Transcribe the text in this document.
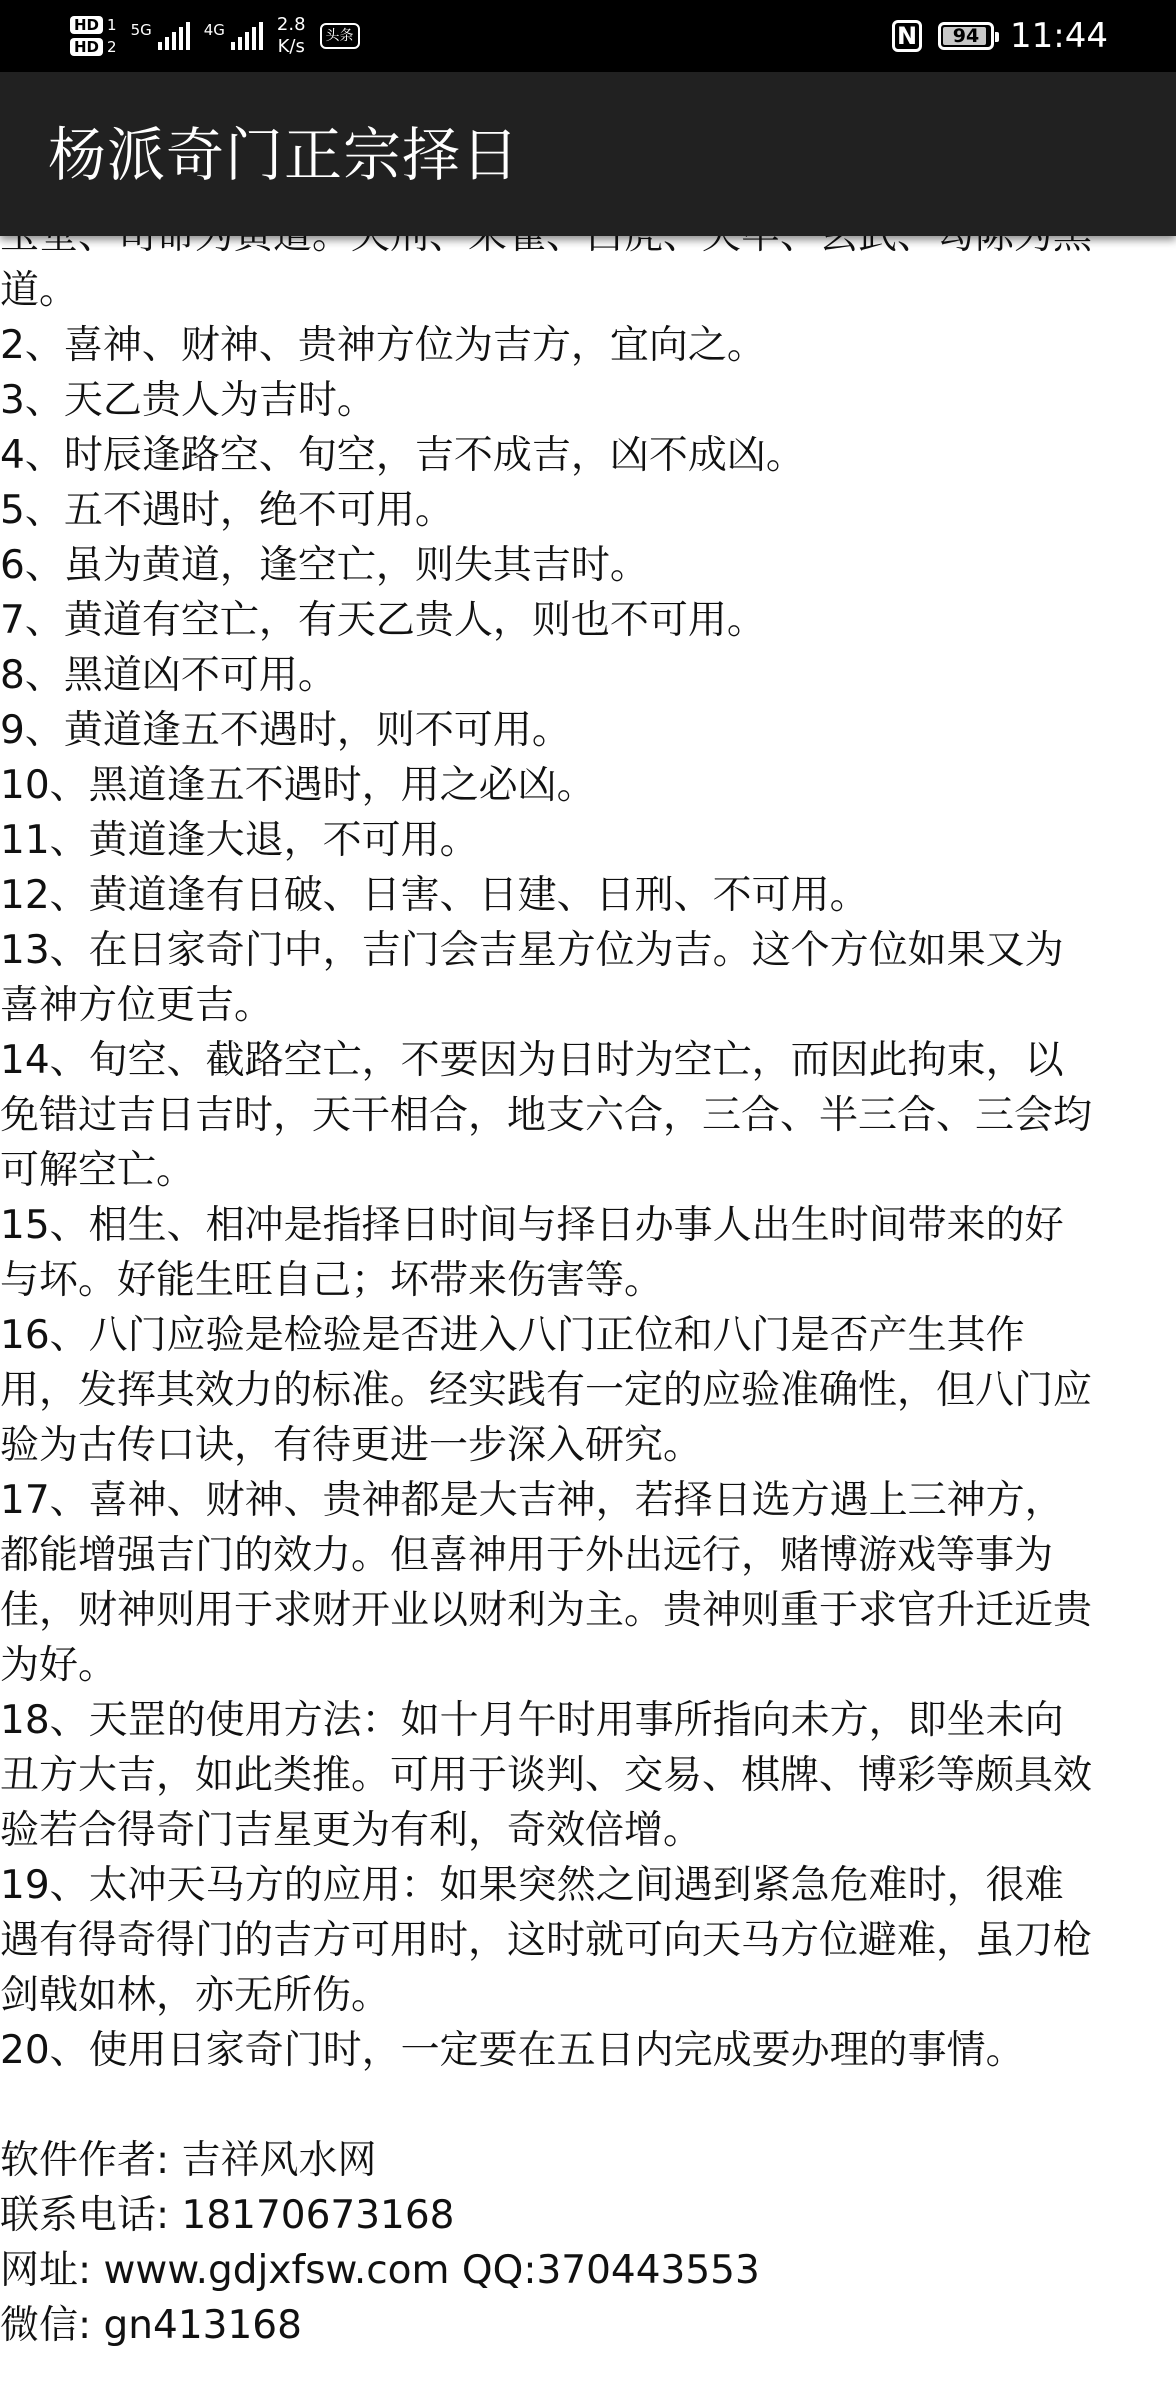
HD 1
HD 2
5G	4G	2.8
K/s	头条	N 94 11:44
杨派奇门正宗择日

道。

2、喜神、财神、贵神方位为吉方，宜向之。

3、天乙贵人为吉时。

4、时辰逢路空、旬空，吉不成吉，凶不成凶。

5、五不遇时，绝不可用。

6、虽为黄道，逢空亡，则失其吉时。

7、黄道有空亡，有天乙贵人，则也不可用。

8、黑道凶不可用。

9、黄道逢五不遇时，则不可用。

10、黑道逢五不遇时，用之必凶。

11、黄道逢大退，不可用。

12、黄道逢有日破、日害、日建、日刑、不可用。

13、在日家奇门中，吉门会吉星方位为吉。这个方位如果又为

喜神方位更吉。

14、旬空、截路空亡，不要因为日时为空亡，而因此拘束，以

免错过吉日吉时，天干相合，地支六合，三合、半三合、三会均

可解空亡。

15、相生、相冲是指择日时间与择日办事人出生时间带来的好

与坏。好能生旺自己；坏带来伤害等。

16、八门应验是检验是否进入八门正位和八门是否产生其作

用，发挥其效力的标准。经实践有一定的应验准确性，但八门应

验为古传口诀，有待更进一步深入研究。

17、喜神、财神、贵神都是大吉神，若择日选方遇上三神方，

都能增强吉门的效力。但喜神用于外出远行，赌博游戏等事为

佳，财神则用于求财开业以财利为主。贵神则重于求官升迁近贵

为好。

18、天罡的使用方法：如十月午时用事所指向未方，即坐未向

丑方大吉，如此类推。可用于谈判、交易、棋牌、博彩等颇具效

验若合得奇门吉星更为有利，奇效倍增。

19、太冲天马方的应用：如果突然之间遇到紧急危难时，很难

遇有得奇得门的吉方可用时，这时就可向天马方位避难，虽刀枪

剑戟如林，亦无所伤。

20、使用日家奇门时，一定要在五日内完成要办理的事情。

软件作者: 吉祥风水网

联系电话: 18170673168

网址: www.gdjxfsw.com QQ:370443553

微信: gn413168
